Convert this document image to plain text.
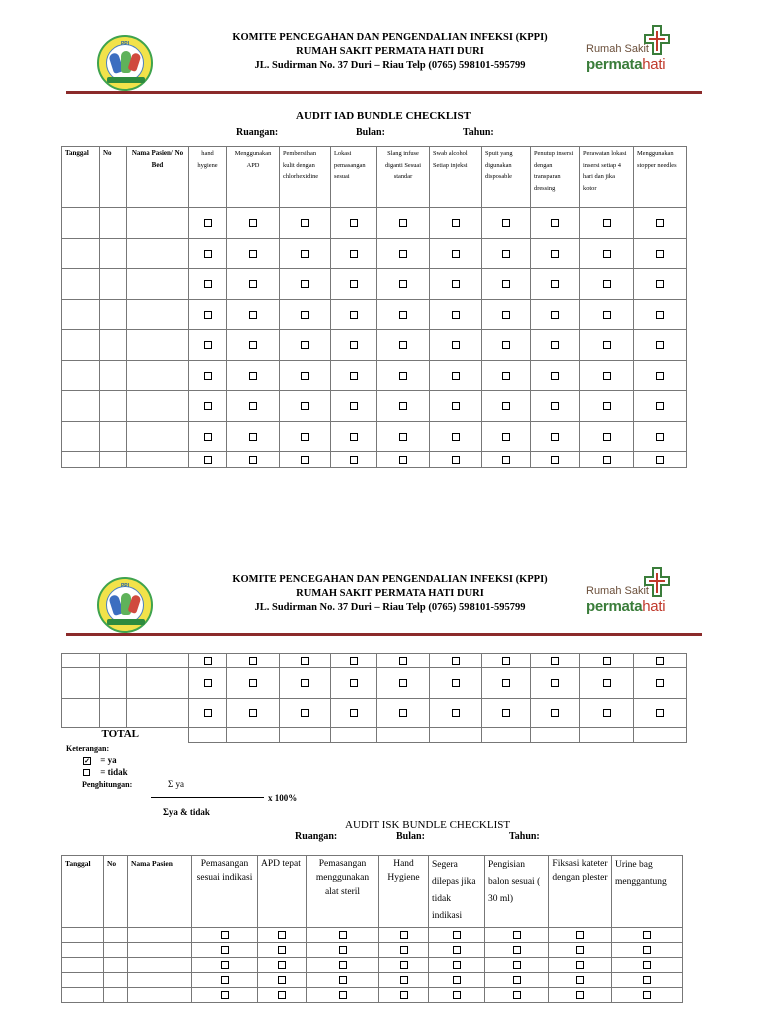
PPI
KOMITE PENCEGAHAN DAN PENGENDALIAN INFEKSI (KPPI)
RUMAH SAKIT PERMATA HATI DURI
JL. Sudirman No. 37 Duri – Riau Telp (0765) 598101-595799
Rumah Sakit
permatahati
AUDIT IAD BUNDLE CHECKLIST
Ruangan:	Bulan:	Tahun:
Tanggal	No	Nama Pasien/ No Bed	hand hygiene	Menggunakan APD	Pembersihan kulit dengan chlorhexidine	Lokasi pemasangan sesuai	Slang infuse diganti Sesuai standar	Swab alcohol Setiap injeksi	Spuit yang digunakan disposable	Penutup insersi dengan transparan dressing	Perawatan lokasi insersi setiap 4 hari dan jika kotor	Menggunakan stopper needles

PPI
KOMITE PENCEGAHAN DAN PENGENDALIAN INFEKSI (KPPI)
RUMAH SAKIT PERMATA HATI DURI
JL. Sudirman No. 37 Duri – Riau Telp (0765) 598101-595799
Rumah Sakit
permatahati

TOTAL												
Keterangan:
✓ = ya
= tidak
Penghitungan:	Σ ya
x 100%
Σya & tidak
AUDIT ISK BUNDLE CHECKLIST
Ruangan:	Bulan:	Tahun:
Tanggal	No	Nama Pasien	Pemasangan sesuai indikasi	APD tepat	Pemasangan menggunakan alat steril	Hand Hygiene	Segera dilepas jika tidak indikasi	Pengisian balon sesuai ( 30 ml)	Fiksasi kateter dengan plester	Urine bag menggantung
